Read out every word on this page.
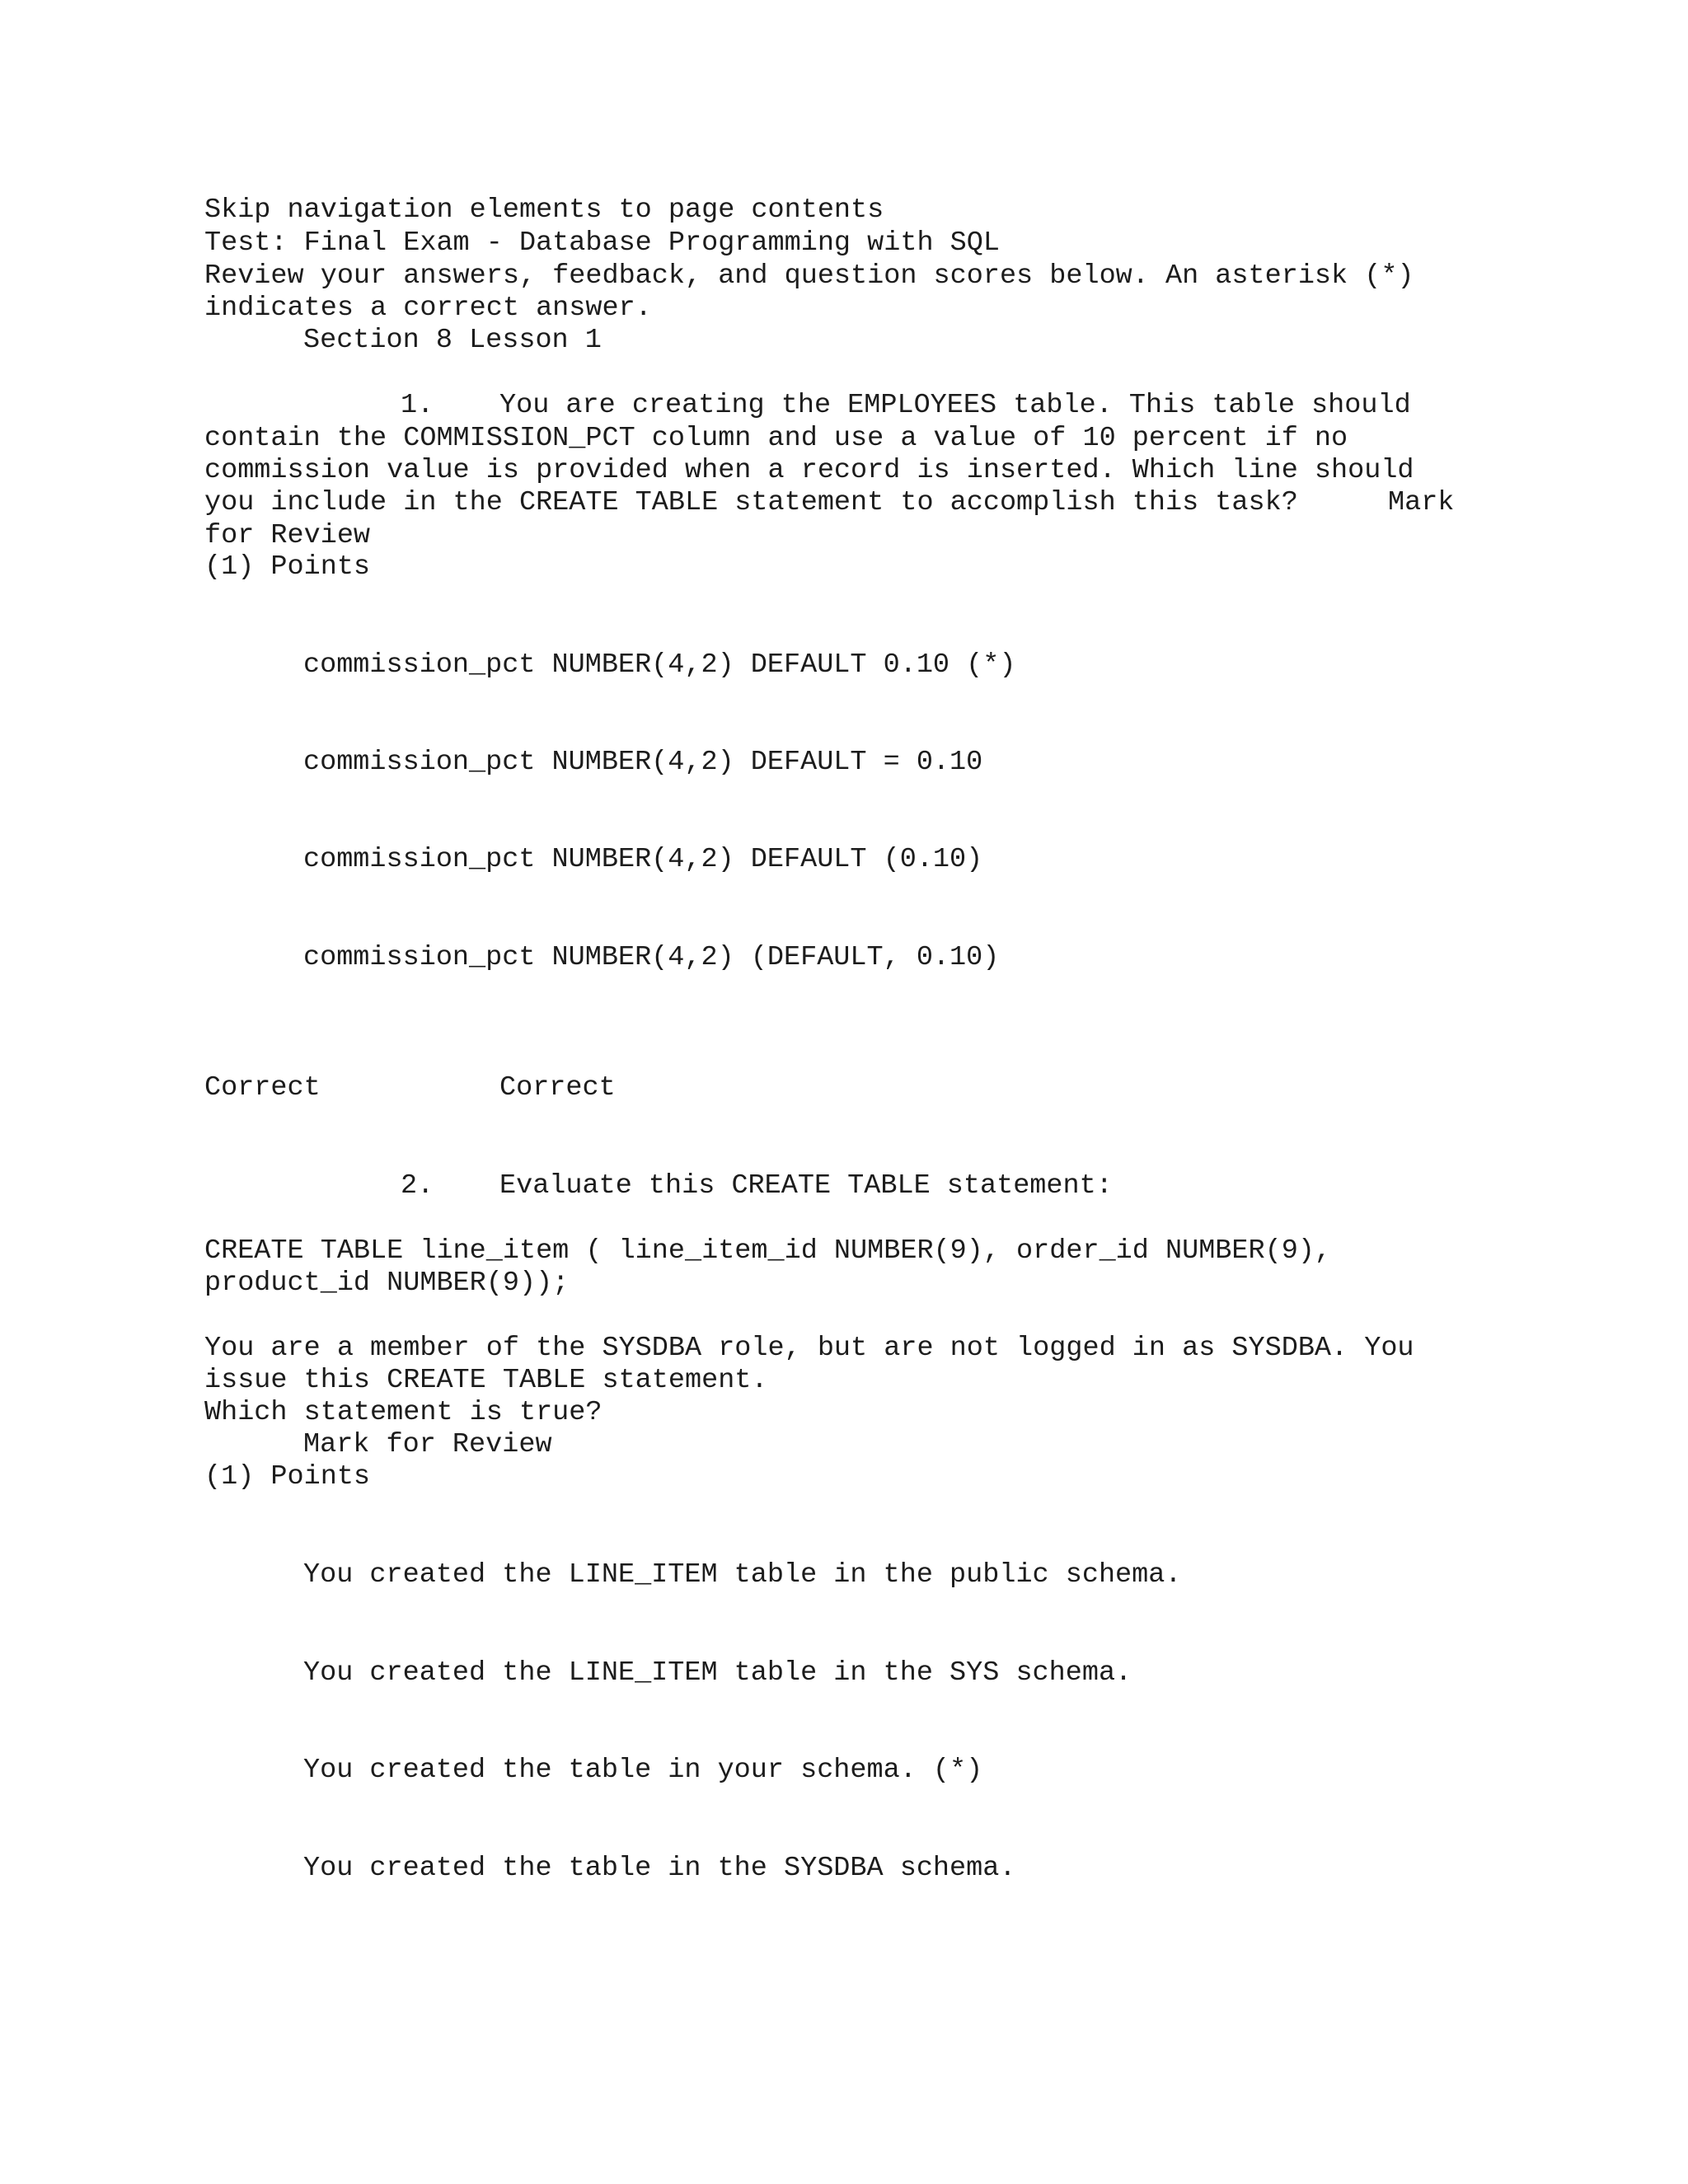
Skip navigation elements to page contents
Test: Final Exam - Database Programming with SQL
Review your answers, feedback, and question scores below. An asterisk (*)
indicates a correct answer.
Section 8 Lesson 1
1. You are creating the EMPLOYEES table. This table should
contain the COMMISSION_PCT column and use a value of 10 percent if no
commission value is provided when a record is inserted. Which line should
you include in the CREATE TABLE statement to accomplish this task?	Mark
for Review
(1) Points
commission_pct NUMBER(4,2) DEFAULT 0.10 (*)
commission_pct NUMBER(4,2) DEFAULT = 0.10
commission_pct NUMBER(4,2) DEFAULT (0.10)
commission_pct NUMBER(4,2) (DEFAULT, 0.10)
Correct	Correct
2. Evaluate this CREATE TABLE statement:
CREATE TABLE line_item ( line_item_id NUMBER(9), order_id NUMBER(9),
product_id NUMBER(9));
You are a member of the SYSDBA role, but are not logged in as SYSDBA. You
issue this CREATE TABLE statement.
Which statement is true?
Mark for Review
(1) Points
You created the LINE_ITEM table in the public schema.
You created the LINE_ITEM table in the SYS schema.
You created the table in your schema. (*)
You created the table in the SYSDBA schema.
